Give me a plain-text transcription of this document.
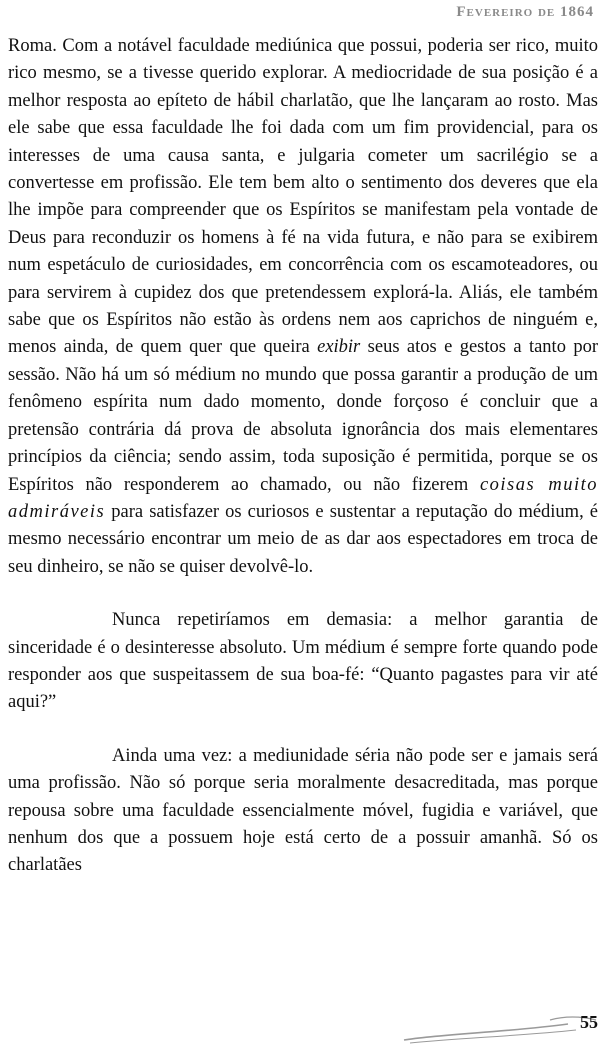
Fevereiro de 1864

Roma. Com a notável faculdade mediúnica que possui, poderia ser rico, muito rico mesmo, se a tivesse querido explorar. A mediocridade de sua posição é a melhor resposta ao epíteto de hábil charlatão, que lhe lançaram ao rosto. Mas ele sabe que essa faculdade lhe foi dada com um fim providencial, para os interesses de uma causa santa, e julgaria cometer um sacrilégio se a convertesse em profissão. Ele tem bem alto o sentimento dos deveres que ela lhe impõe para compreender que os Espíritos se manifestam pela vontade de Deus para reconduzir os homens à fé na vida futura, e não para se exibirem num espetáculo de curiosidades, em concorrência com os escamoteadores, ou para servirem à cupidez dos que pretendessem explorá-la. Aliás, ele também sabe que os Espíritos não estão às ordens nem aos caprichos de ninguém e, menos ainda, de quem quer que queira exibir seus atos e gestos a tanto por sessão. Não há um só médium no mundo que possa garantir a produção de um fenômeno espírita num dado momento, donde forçoso é concluir que a pretensão contrária dá prova de absoluta ignorância dos mais elementares princípios da ciência; sendo assim, toda suposição é permitida, porque se os Espíritos não responderem ao chamado, ou não fizerem coisas muito admiráveis para satisfazer os curiosos e sustentar a reputação do médium, é mesmo necessário encontrar um meio de as dar aos espectadores em troca de seu dinheiro, se não se quiser devolvê-lo.

Nunca repetiríamos em demasia: a melhor garantia de sinceridade é o desinteresse absoluto. Um médium é sempre forte quando pode responder aos que suspeitassem de sua boa-fé: “Quanto pagastes para vir até aqui?”

Ainda uma vez: a mediunidade séria não pode ser e jamais será uma profissão. Não só porque seria moralmente desacreditada, mas porque repousa sobre uma faculdade essencialmente móvel, fugidia e variável, que nenhum dos que a possuem hoje está certo de a possuir amanhã. Só os charlatães

55
